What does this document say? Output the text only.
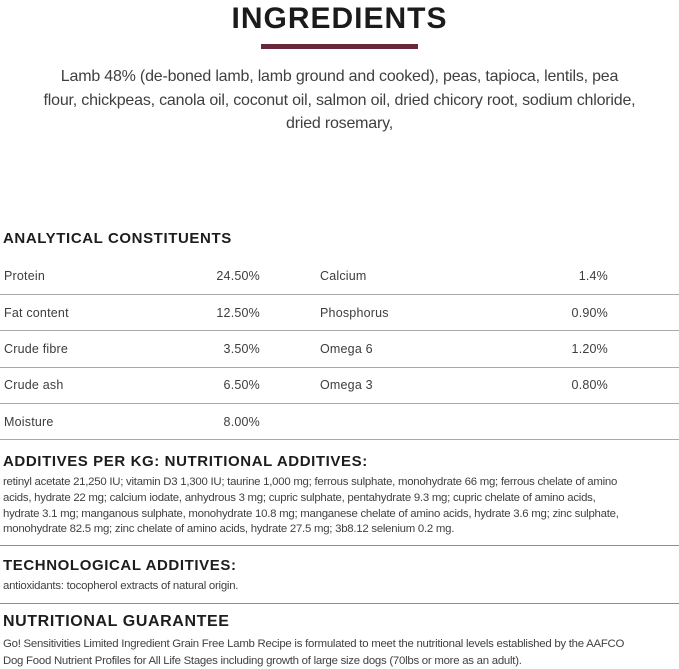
INGREDIENTS
Lamb 48% (de-boned lamb, lamb ground and cooked), peas, tapioca, lentils, pea
flour, chickpeas, canola oil, coconut oil, salmon oil, dried chicory root, sodium chloride,
dried rosemary,
ANALYTICAL CONSTITUENTS
Protein	24.50%	Calcium	1.4%
Fat content	12.50%	Phosphorus	0.90%
Crude fibre	3.50%	Omega 6	1.20%
Crude ash	6.50%	Omega 3	0.80%
Moisture	8.00%
ADDITIVES PER KG: NUTRITIONAL ADDITIVES:
retinyl acetate 21,250 IU; vitamin D3 1,300 IU; taurine 1,000 mg; ferrous sulphate, monohydrate 66 mg; ferrous chelate of amino
acids, hydrate 22 mg; calcium iodate, anhydrous 3 mg; cupric sulphate, pentahydrate 9.3 mg; cupric chelate of amino acids,
hydrate 3.1 mg; manganous sulphate, monohydrate 10.8 mg; manganese chelate of amino acids, hydrate 3.6 mg; zinc sulphate,
monohydrate 82.5 mg; zinc chelate of amino acids, hydrate 27.5 mg; 3b8.12 selenium 0.2 mg.
TECHNOLOGICAL ADDITIVES:
antioxidants: tocopherol extracts of natural origin.
NUTRITIONAL GUARANTEE
Go! Sensitivities Limited Ingredient Grain Free Lamb Recipe is formulated to meet the nutritional levels established by the AAFCO
Dog Food Nutrient Profiles for All Life Stages including growth of large size dogs (70lbs or more as an adult).
